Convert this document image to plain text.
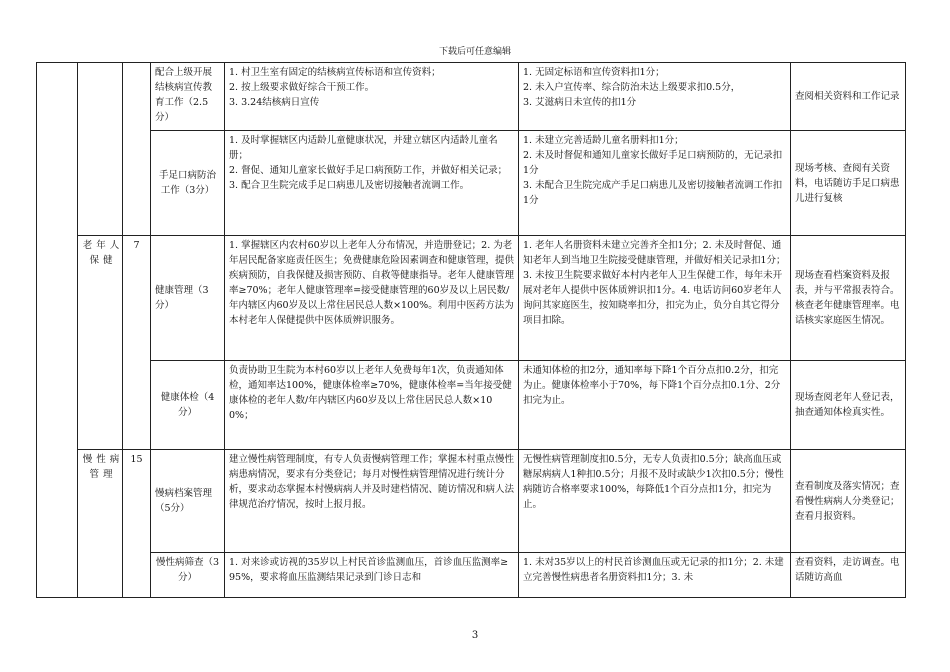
下载后可任意编辑
			配合上级开展结核病宣传教育工作（2.5分）	1. 村卫生室有固定的结核病宣传标语和宣传资料；
2. 按上级要求做好综合干预工作。
3. 3.24结核病日宣传	1. 无固定标语和宣传资料扣1分；
2. 未入户宣传率、综合防治未达上级要求扣0.5分，
3. 艾滋病日未宣传的扣1分	查阅相关资料和工作记录

			手足口病防治工作（3分）	1. 及时掌握辖区内适龄儿童健康状况，并建立辖区内适龄儿童名册；
2. 督促、通知儿童家长做好手足口病预防工作，并做好相关记录；
3. 配合卫生院完成手足口病患儿及密切接触者流调工作。	1. 未建立完善适龄儿童名册料扣1分；
2. 未及时督促和通知儿童家长做好手足口病预防的，无记录扣1分
3. 未配合卫生院完成产手足口病患儿及密切接触者流调工作扣1分	现场考核、查阅有关资料，电话随访手足口病患儿进行复核

	老年人保健	7	健康管理（3分）	1. 掌握辖区内农村60岁以上老年人分布情况，并造册登记；2. 为老年居民配备家庭责任医生；免费健康危险因素调查和健康管理，提供疾病预防，自我保健及损害预防、自救等健康指导。老年人健康管理率≥70%；老年人健康管理率=接受健康管理的60岁及以上居民数/年内辖区内60岁及以上常住居民总人数×100%。利用中医药方法为本村老年人保健提供中医体质辨识服务。	1. 老年人名册资料未建立完善齐全扣1分；2. 未及时督促、通知老年人到当地卫生院接受健康管理，并做好相关记录扣1分；3. 未按卫生院要求做好本村内老年人卫生保健工作，每年未开展对老年人提供中医体质辨识扣1分。4. 电话访问60岁老年人询问其家庭医生，按知晓率扣分，扣完为止，负分自其它得分项目扣除。	现场查看档案资料及报表，并与平常报表符合。核查老年健康管理率。电话核实家庭医生情况。
			健康体检（4分）	负责协助卫生院为本村60岁以上老年人免费每年1次，负责通知体检，通知率达100%，健康体检率≥70%，健康体检率=当年接受健康体检的老年人数/年内辖区内60岁及以上常住居民总人数×100%；	未通知体检的扣2分，通知率每下降1个百分点扣0.2分，扣完为止。健康体检率小于70%，每下降1个百分点扣0.1分、2分扣完为止。	现场查阅老年人登记表，抽查通知体检真实性。
	慢性病管理	15	慢病档案管理（5分）	建立慢性病管理制度，有专人负责慢病管理工作；掌握本村重点慢性病患病情况，要求有分类登记；每月对慢性病管理情况进行统计分析，要求动态掌握本村慢病病人并及时建档情况、随访情况和病人法律规范治疗情况，按时上报月报。	无慢性病管理制度扣0.5分，无专人负责扣0.5分；缺高血压或糖尿病病人1种扣0.5分；月报不及时或缺少1次扣0.5分；慢性病随访合格率要求100%，每降低1个百分点扣1分，扣完为止。	查看制度及落实情况；查看慢性病病人分类登记；查看月报资料。
			慢性病筛查（3分）	1. 对来诊或访视的35岁以上村民首诊监测血压，首诊血压监测率≥95%，要求将血压监测结果记录到门诊日志和	1. 未对35岁以上的村民首诊测血压或无记录的扣1分；2. 未建立完善慢性病患者名册资料扣1分；3. 未	查看资料，走访调查。电话随访高血
3
